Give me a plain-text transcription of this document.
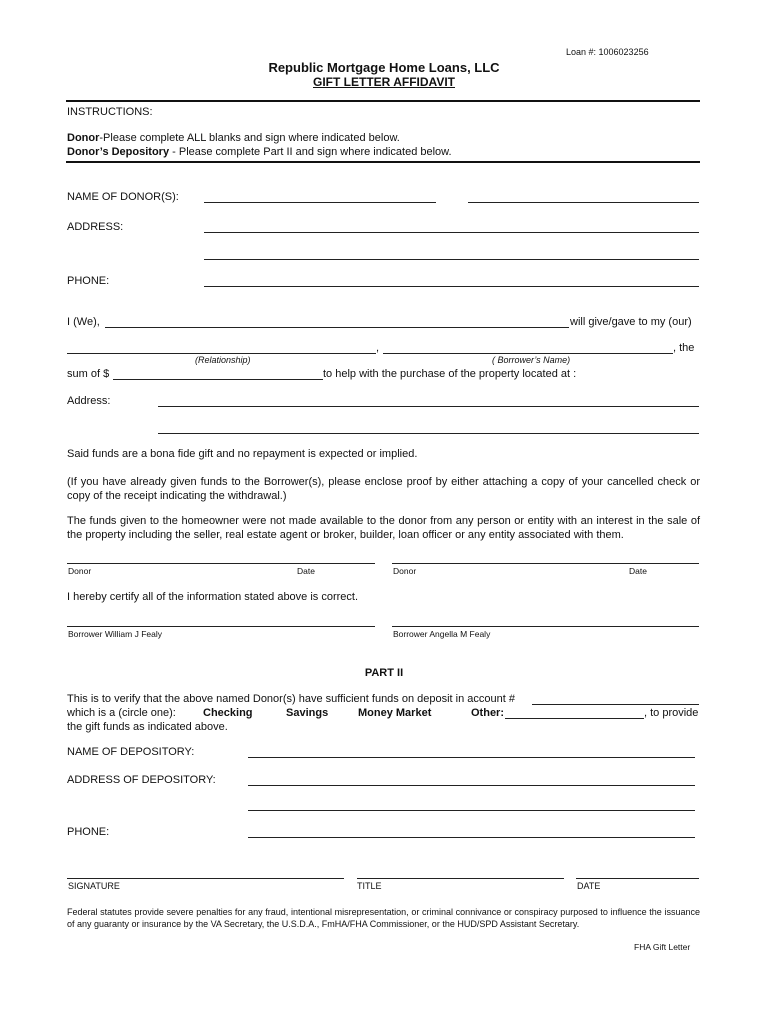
Loan #: 1006023256
Republic Mortgage Home Loans, LLC
GIFT LETTER AFFIDAVIT
INSTRUCTIONS:
Donor-Please complete ALL blanks and sign where indicated below.
Donor’s Depository - Please complete Part II and sign where indicated below.
NAME OF DONOR(S):
ADDRESS:
PHONE:
I (We),	will give/gave to my (our)
,	, the
(Relationship)	( Borrower’s Name)
sum of $	to help with the purchase of the property located at :
Address:
Said funds are a bona fide gift and no repayment is expected or implied.
(If you have already given funds to the Borrower(s), please enclose proof by either attaching a copy of your cancelled check or copy of the receipt indicating the withdrawal.)
The funds given to the homeowner were not made available to the donor from any person or entity with an interest in the sale of the property including the seller, real estate agent or broker, builder, loan officer or any entity associated with them.
Donor	Date	Donor	Date
I hereby certify all of the information stated above is correct.
Borrower William J Fealy	Borrower Angella M Fealy
PART II
This is to verify that the above named Donor(s) have sufficient funds on deposit in account #
which is a (circle one): Checking	Savings	Money Market	Other:	, to provide
the gift funds as indicated above.
NAME OF DEPOSITORY:
ADDRESS OF DEPOSITORY:
PHONE:
SIGNATURE	TITLE	DATE
Federal statutes provide severe penalties for any fraud, intentional misrepresentation, or criminal connivance or conspiracy purposed to influence the issuance of any guaranty or insurance by the VA Secretary, the U.S.D.A., FmHA/FHA Commissioner, or the HUD/SPD Assistant Secretary.
FHA Gift Letter
